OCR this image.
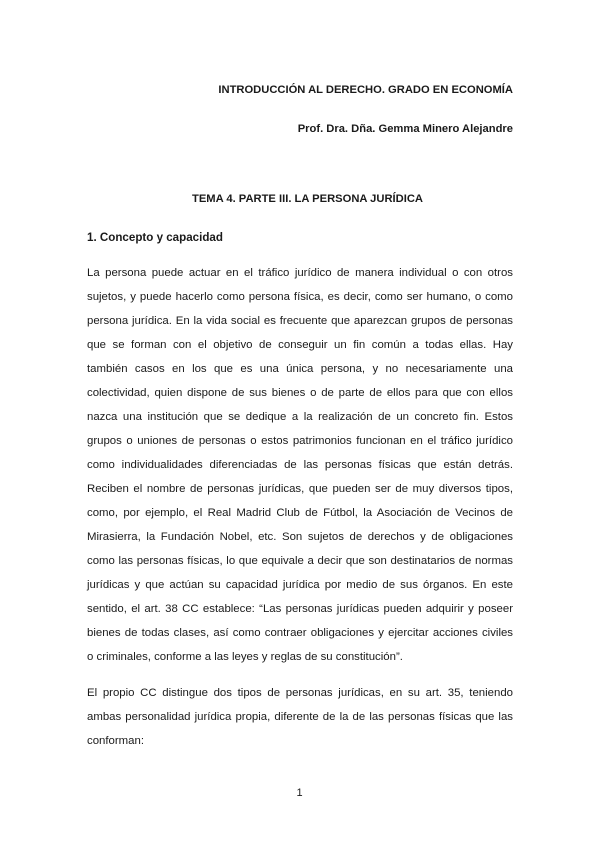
INTRODUCCIÓN AL DERECHO. GRADO EN ECONOMÍA
Prof. Dra. Dña. Gemma Minero Alejandre
TEMA 4. PARTE III. LA PERSONA JURÍDICA
1. Concepto y capacidad
La persona puede actuar en el tráfico jurídico de manera individual o con otros
sujetos, y puede hacerlo como persona física, es decir, como ser humano, o como
persona jurídica. En la vida social es frecuente que aparezcan grupos de personas
que se forman con el objetivo de conseguir un fin común a todas ellas. Hay
también casos en los que es una única persona, y no necesariamente una
colectividad, quien dispone de sus bienes o de parte de ellos para que con ellos
nazca una institución que se dedique a la realización de un concreto fin. Estos
grupos o uniones de personas o estos patrimonios funcionan en el tráfico jurídico
como individualidades diferenciadas de las personas físicas que están detrás.
Reciben el nombre de personas jurídicas, que pueden ser de muy diversos tipos,
como, por ejemplo, el Real Madrid Club de Fútbol, la Asociación de Vecinos de
Mirasierra, la Fundación Nobel, etc. Son sujetos de derechos y de obligaciones
como las personas físicas, lo que equivale a decir que son destinatarios de normas
jurídicas y que actúan su capacidad jurídica por medio de sus órganos. En este
sentido, el art. 38 CC establece: “Las personas jurídicas pueden adquirir y poseer
bienes de todas clases, así como contraer obligaciones y ejercitar acciones civiles
o criminales, conforme a las leyes y reglas de su constitución”.
El propio CC distingue dos tipos de personas jurídicas, en su art. 35, teniendo
ambas personalidad jurídica propia, diferente de la de las personas físicas que las
conforman:
1
